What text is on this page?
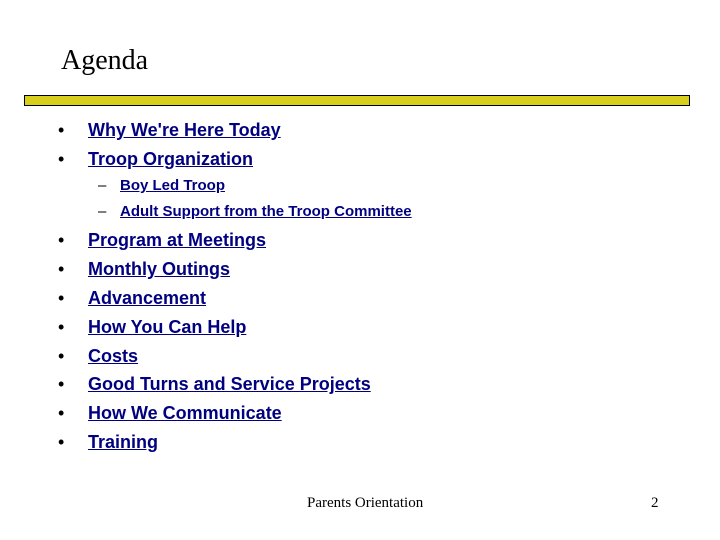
Agenda
• Why We're Here Today
• Troop Organization
– Boy Led Troop
– Adult Support from the Troop Committee
• Program at Meetings
• Monthly Outings
• Advancement
• How You Can Help
• Costs
• Good Turns and Service Projects
• How We Communicate
• Training
Parents Orientation	2
